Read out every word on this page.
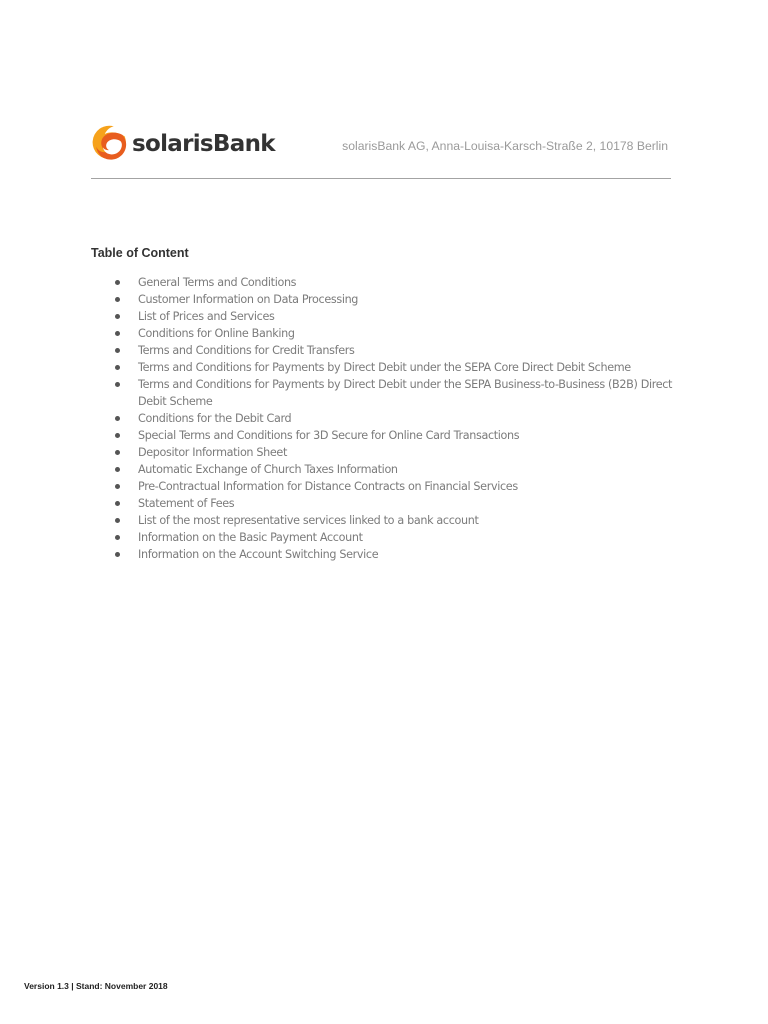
solarisBank	solarisBank AG, Anna-Louisa-Karsch-Straße 2, 10178 Berlin
Table of Content
General Terms and Conditions
Customer Information on Data Processing
List of Prices and Services
Conditions for Online Banking
Terms and Conditions for Credit Transfers
Terms and Conditions for Payments by Direct Debit under the SEPA Core Direct Debit Scheme
Terms and Conditions for Payments by Direct Debit under the SEPA Business-to-Business (B2B) Direct Debit Scheme
Conditions for the Debit Card
Special Terms and Conditions for 3D Secure for Online Card Transactions
Depositor Information Sheet
Automatic Exchange of Church Taxes Information
Pre-Contractual Information for Distance Contracts on Financial Services
Statement of Fees
List of the most representative services linked to a bank account
Information on the Basic Payment Account
Information on the Account Switching Service
Version 1.3 | Stand: November 2018
